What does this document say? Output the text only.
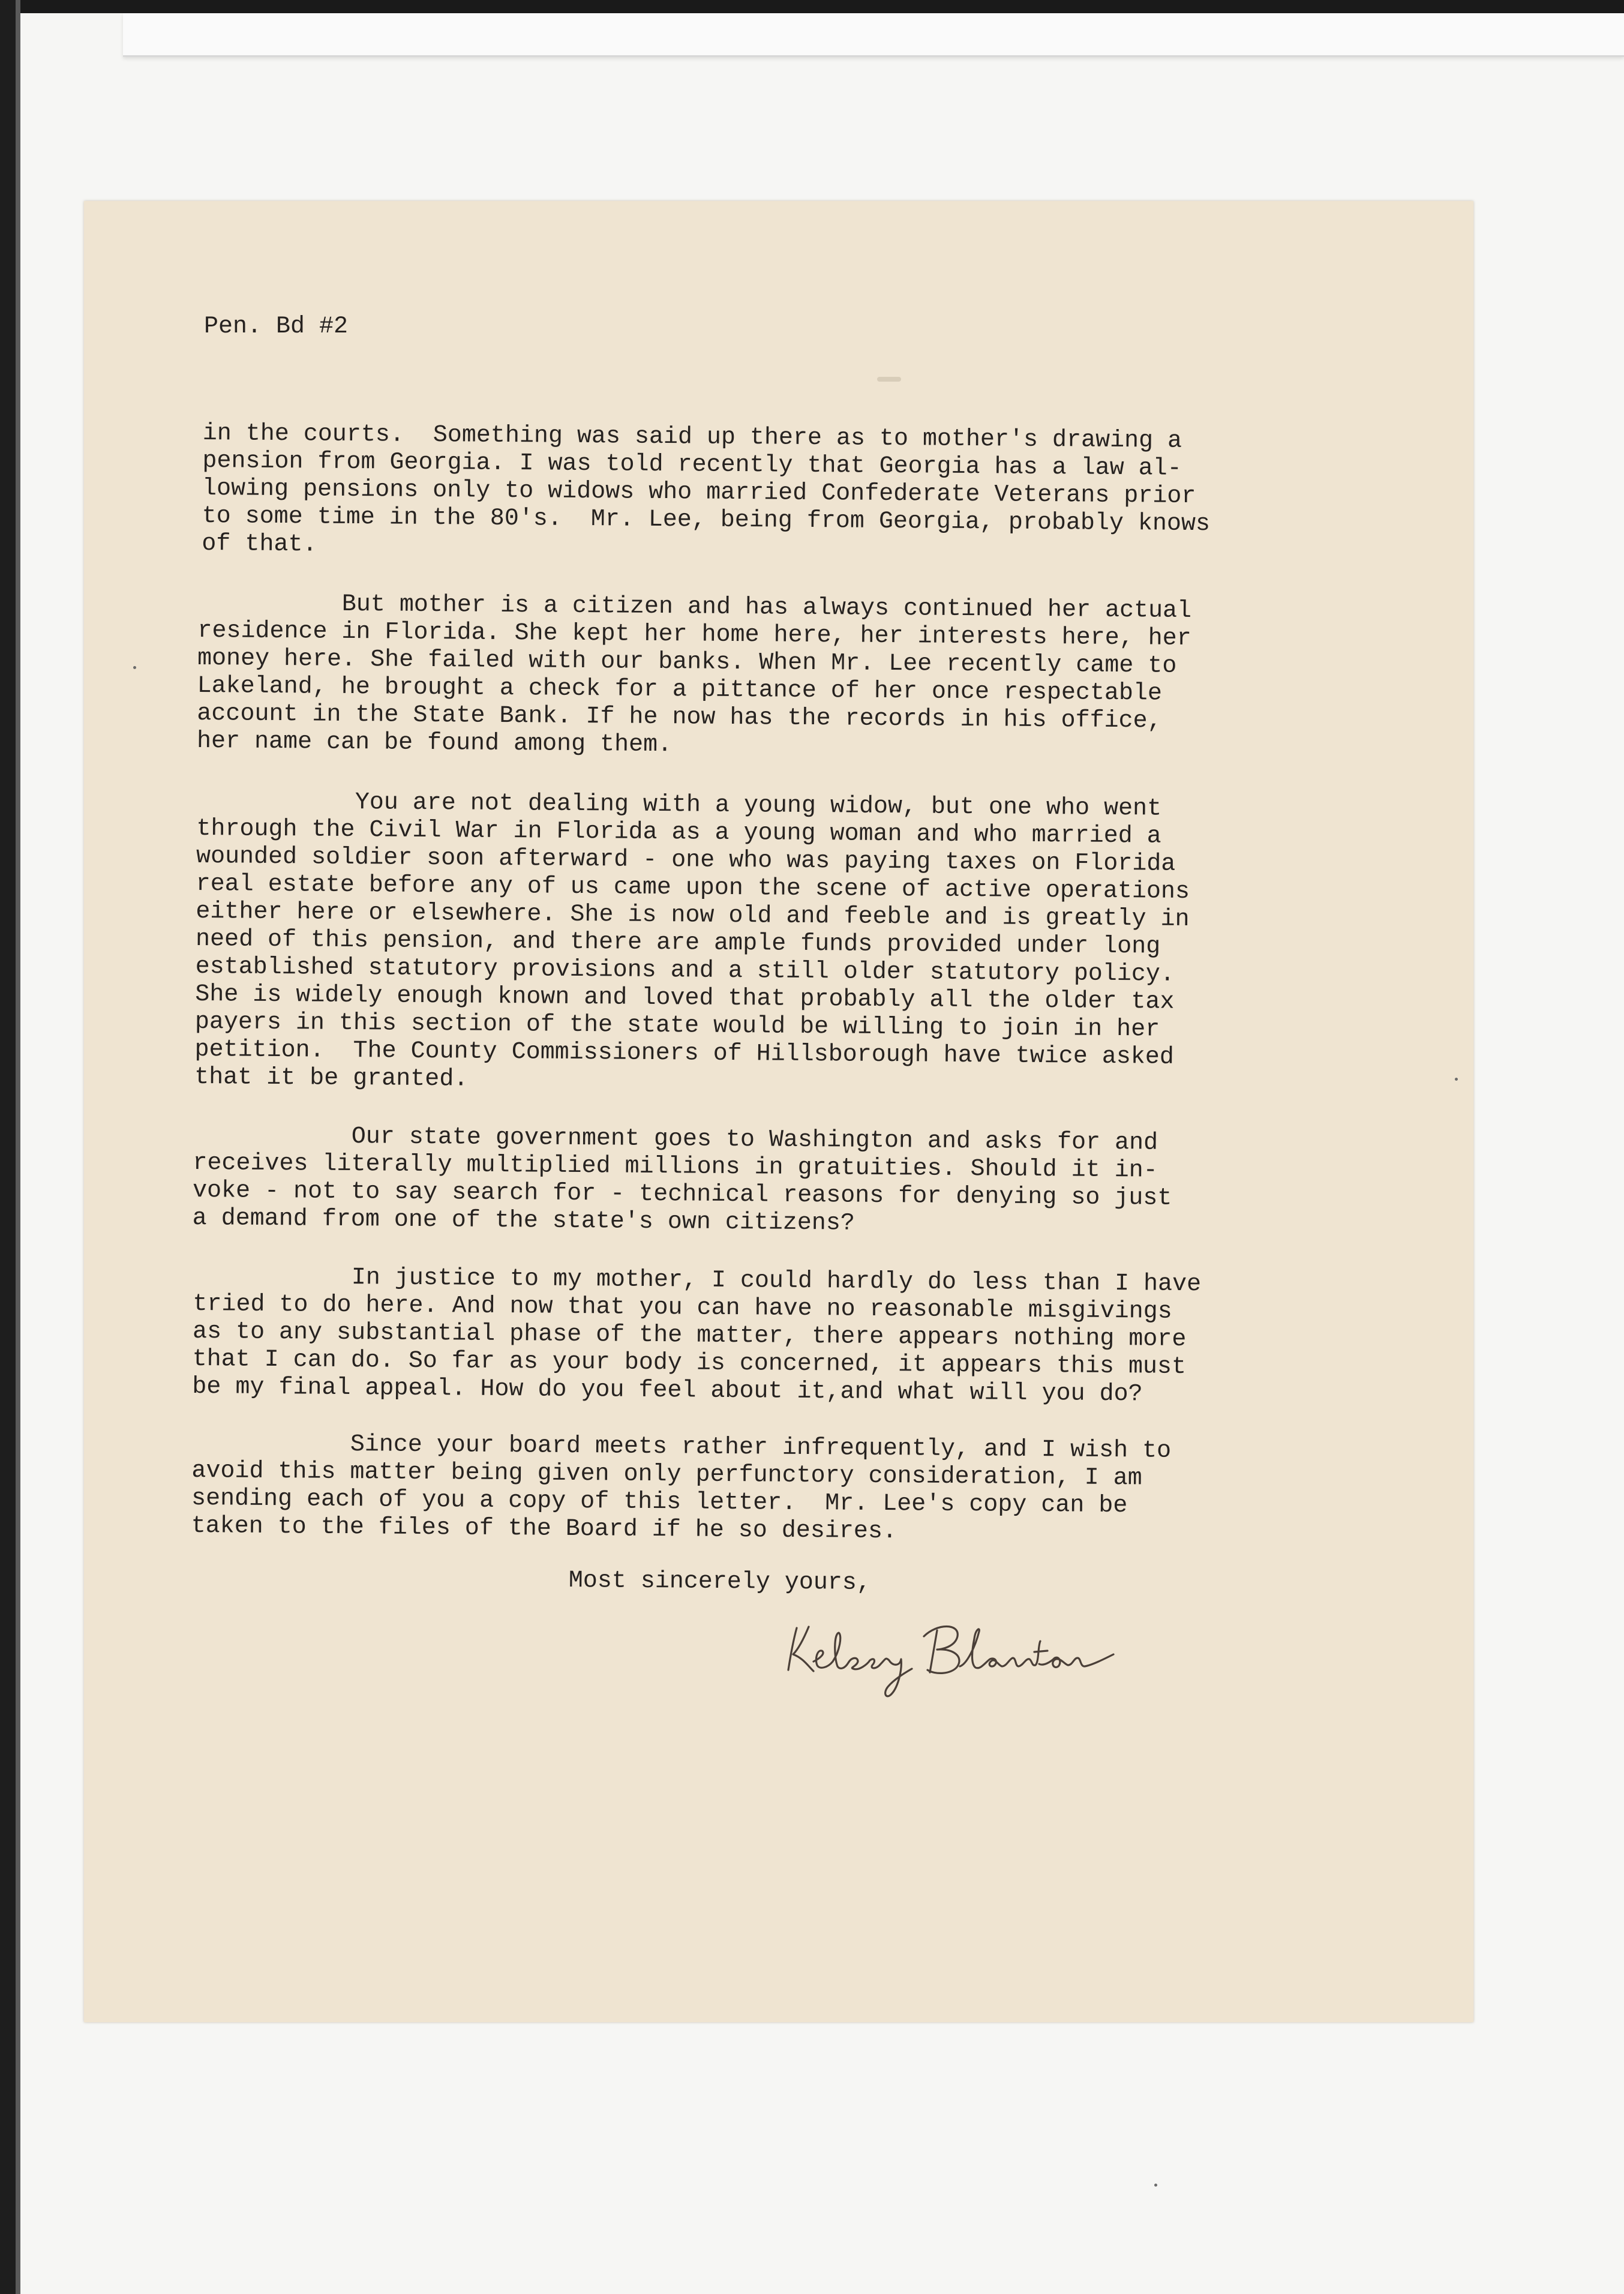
Pen. Bd #2
in the courts.  Something was said up there as to mother's drawing a
pension from Georgia. I was told recently that Georgia has a law al-
lowing pensions only to widows who married Confederate Veterans prior
to some time in the 80's.  Mr. Lee, being from Georgia, probably knows
of that.
But mother is a citizen and has always continued her actual
residence in Florida. She kept her home here, her interests here, her
money here. She failed with our banks. When Mr. Lee recently came to
Lakeland, he brought a check for a pittance of her once respectable
account in the State Bank. If he now has the records in his office,
her name can be found among them.
You are not dealing with a young widow, but one who went
through the Civil War in Florida as a young woman and who married a
wounded soldier soon afterward - one who was paying taxes on Florida
real estate before any of us came upon the scene of active operations
either here or elsewhere. She is now old and feeble and is greatly in
need of this pension, and there are ample funds provided under long
established statutory provisions and a still older statutory policy.
She is widely enough known and loved that probably all the older tax
payers in this section of the state would be willing to join in her
petition.  The County Commissioners of Hillsborough have twice asked
that it be granted.
Our state government goes to Washington and asks for and
receives literally multiplied millions in gratuities. Should it in-
voke - not to say search for - technical reasons for denying so just
a demand from one of the state's own citizens?
In justice to my mother, I could hardly do less than I have
tried to do here. And now that you can have no reasonable misgivings
as to any substantial phase of the matter, there appears nothing more
that I can do. So far as your body is concerned, it appears this must
be my final appeal. How do you feel about it,and what will you do?
Since your board meets rather infrequently, and I wish to
avoid this matter being given only perfunctory consideration, I am
sending each of you a copy of this letter.  Mr. Lee's copy can be
taken to the files of the Board if he so desires.
Most sincerely yours,
